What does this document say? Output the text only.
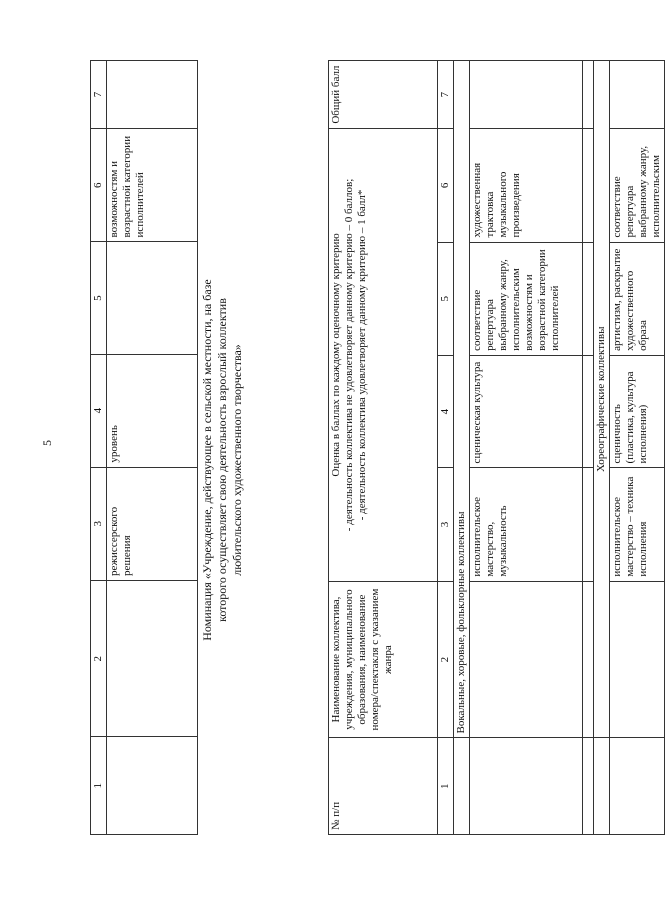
5
1	2	3	4	5	6	7
		режиссерского решения	уровень		возможностям и возрастной категории исполнителей	
Номинация «Учреждение, действующее в сельской местности, на базе которого осуществляет свою деятельность взрослый коллектив любительского художественного творчества»
№ п/п	Наименование коллектива, учреждения, муниципального образования, наименование номера/спектакля с указанием жанра	Оценка в баллах по каждому оценочному критерию - деятельность коллектива не удовлетворяет данному критерию – 0 баллов; - деятельность коллектива удовлетворяет данному критерию – 1 балл*				Общий балл
1	2	3	4	5	6	7
	Вокальные, хоровые, фольклорные коллективы					
		исполнительское мастерство, музыкальность	сценическая культура	соответствие репертуара выбранному жанру, исполнительским возможностям и возрастной категории исполнителей	художественная трактовка музыкального произведения	

	Хореографические коллективы					
		исполнительское мастерство – техника исполнения	сценичность (пластика, культура исполнения)	артистизм, раскрытие художественного образа	соответствие репертуара выбранному жанру, исполнительским	
